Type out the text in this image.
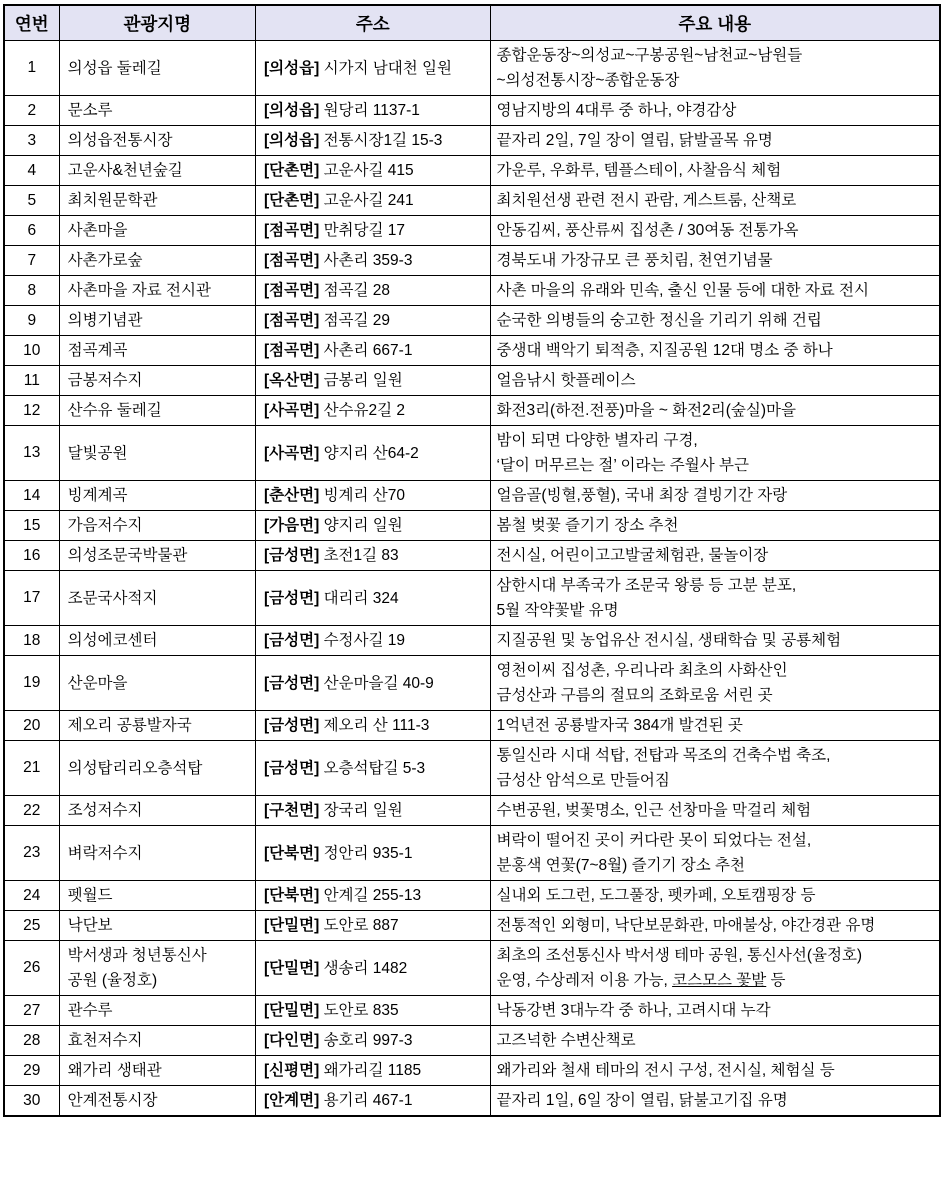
연번	관광지명	주소	주요 내용
1	의성읍 둘레길	[의성읍] 시가지 남대천 일원	종합운동장~의성교~구봉공원~남천교~남원들
~의성전통시장~종합운동장

2	문소루	[의성읍] 원당리 1137-1	영남지방의 4대루 중 하나, 야경감상

3	의성읍전통시장	[의성읍] 전통시장1길 15-3	끝자리 2일, 7일 장이 열림, 닭발골목 유명

4	고운사&천년숲길	[단촌면] 고운사길 415	가운루, 우화루, 템플스테이, 사찰음식 체험

5	최치원문학관	[단촌면] 고운사길 241	최치원선생 관련 전시 관람, 게스트룸, 산책로

6	사촌마을	[점곡면] 만취당길 17	안동김씨, 풍산류씨 집성촌 / 30여동 전통가옥

7	사촌가로숲	[점곡면] 사촌리 359-3	경북도내 가장규모 큰 풍치림, 천연기념물

8	사촌마을 자료 전시관	[점곡면] 점곡길 28	사촌 마을의 유래와 민속, 출신 인물 등에 대한 자료 전시

9	의병기념관	[점곡면] 점곡길 29	순국한 의병들의 숭고한 정신을 기리기 위해 건립

10	점곡계곡	[점곡면] 사촌리 667-1	중생대 백악기 퇴적층, 지질공원 12대 명소 중 하나

11	금봉저수지	[옥산면] 금봉리 일원	얼음낚시 핫플레이스

12	산수유 둘레길	[사곡면] 산수유2길 2	화전3리(하전.전풍)마을 ~ 화전2리(숲실)마을

13	달빛공원	[사곡면] 양지리 산64-2	밤이 되면 다양한 별자리 구경,
‘달이 머무르는 절’ 이라는 주월사 부근

14	빙계계곡	[춘산면] 빙계리 산70	얼음골(빙혈,풍혈), 국내 최장 결빙기간 자랑

15	가음저수지	[가음면] 양지리 일원	봄철 벚꽃 즐기기 장소 추천

16	의성조문국박물관	[금성면] 초전1길 83	전시실, 어린이고고발굴체험관, 물놀이장

17	조문국사적지	[금성면] 대리리 324	삼한시대 부족국가 조문국 왕릉 등 고분 분포,
5월 작약꽃밭 유명

18	의성에코센터	[금성면] 수정사길 19	지질공원 및 농업유산 전시실, 생태학습 및 공룡체험

19	산운마을	[금성면] 산운마을길 40-9	영천이씨 집성촌, 우리나라 최초의 사화산인
금성산과 구름의 절묘의 조화로움 서린 곳

20	제오리 공룡발자국	[금성면] 제오리 산 111-3	1억년전 공룡발자국 384개 발견된 곳

21	의성탑리리오층석탑	[금성면] 오층석탑길 5-3	통일신라 시대 석탑, 전탑과 목조의 건축수법 축조,
금성산 암석으로 만들어짐

22	조성저수지	[구천면] 장국리 일원	수변공원, 벚꽃명소, 인근 선창마을 막걸리 체험

23	벼락저수지	[단북면] 정안리 935-1	벼락이 떨어진 곳이 커다란 못이 되었다는 전설,
분홍색 연꽃(7~8월) 즐기기 장소 추천

24	펫월드	[단북면] 안계길 255-13	실내외 도그런, 도그풀장, 펫카페, 오토캠핑장 등

25	낙단보	[단밀면] 도안로 887	전통적인 외형미, 낙단보문화관, 마애불상, 야간경관 유명

26	박서생과 청년통신사
공원 (율정호)	[단밀면] 생송리 1482	최초의 조선통신사 박서생 테마 공원, 통신사선(율정호)
운영, 수상레저 이용 가능, 코스모스 꽃밭 등

27	관수루	[단밀면] 도안로 835	낙동강변 3대누각 중 하나, 고려시대 누각

28	효천저수지	[다인면] 송호리 997-3	고즈넉한 수변산책로

29	왜가리 생태관	[신평면] 왜가리길 1185	왜가리와 철새 테마의 전시 구성, 전시실, 체험실 등

30	안계전통시장	[안계면] 용기리 467-1	끝자리 1일, 6일 장이 열림, 닭불고기집 유명
